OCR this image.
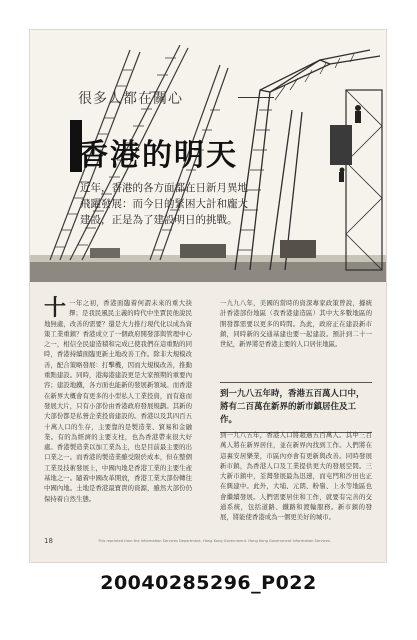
很多人都在關心
香港的明天
近年，香港的各方面都在日新月異地飛躍發展：而今日的緊困大計和龐大建設，正是為了建設明日的挑戰。
十一年之初，香港面臨着何謂未來的重大抉擇；是我民風民主義的時代中坐賈民他說民地無處，改善的需要？還是大力推行現代化以成為資策工業重鎮？香港成立了一個政府開發部與管理中心之一，相信全民建造積和完成已使我們在這重點的同時，香港持續面臨更新土地改善工作。除非大規模改善，配合策略發展：打擊機，因而大規模改善，推動重點建設。同時，港海港建設更是大家預期的重要內容；建設地鐵，各方面也能新的發展新領域。而香港在新界大概會有更多的小型私人工業投資，而有進而發展大片，只有小部份由香港政府發展規劃。其新的大部份都是私營企業投資建設的。香港以及其四百五十萬人口的生存，主要靠的是製造業、貿易和金融業。有的為經濟的主要支柱，也為香港帶來很大好處。香港製造業以加工業為主，也是目前最主要的出口業之一。而香港的製造業雖受限於成本，但在整個工業及技術發展上，中國內地是香港工業的主要生產基地之一。隨着中國改革開放，香港工業大部份轉往中國內地。土地是香港最寶貴的資源，雖然大部份仍保持着自然生態。
一九九八年，美國的當時的資深專家政策曾說，據統計香港部份地區（我香港建造區）其中大多數地區的開發都需要以更多的時間。為此，政府正在建設新市鎮，同時新的交通基建也要一起建設。預計到二十一世紀，新界將是香港主要的人口居住地區。
到一九八五年時，香港五百萬人口中，將有二百萬在新界的新市鎮居住及工作。
到一九八五年，香港人口將超過五百萬人。其中三百萬人將在新界居住，並在新界內找到工作。人們將在這裏安居樂業，市區內亦會有更新與改善。同時發展新市鎮，為香港人口及工業提供更大的發展空間。三大新市鎮中，荃灣發展最為迅速，而屯門和沙田也正在興建中。此外，大埔、元朗、粉嶺、上水等地區也會繼續發展。人們需要居住和工作，就要有完善的交通系統，包括道路、鐵路和渡輪服務。新市鎮的發展，將能使香港成為一個更美好的城市。
18	This reprinted from the Information Services Department, Hong Kong Government. Hong Kong Government Information Services.
20040285296_P022
